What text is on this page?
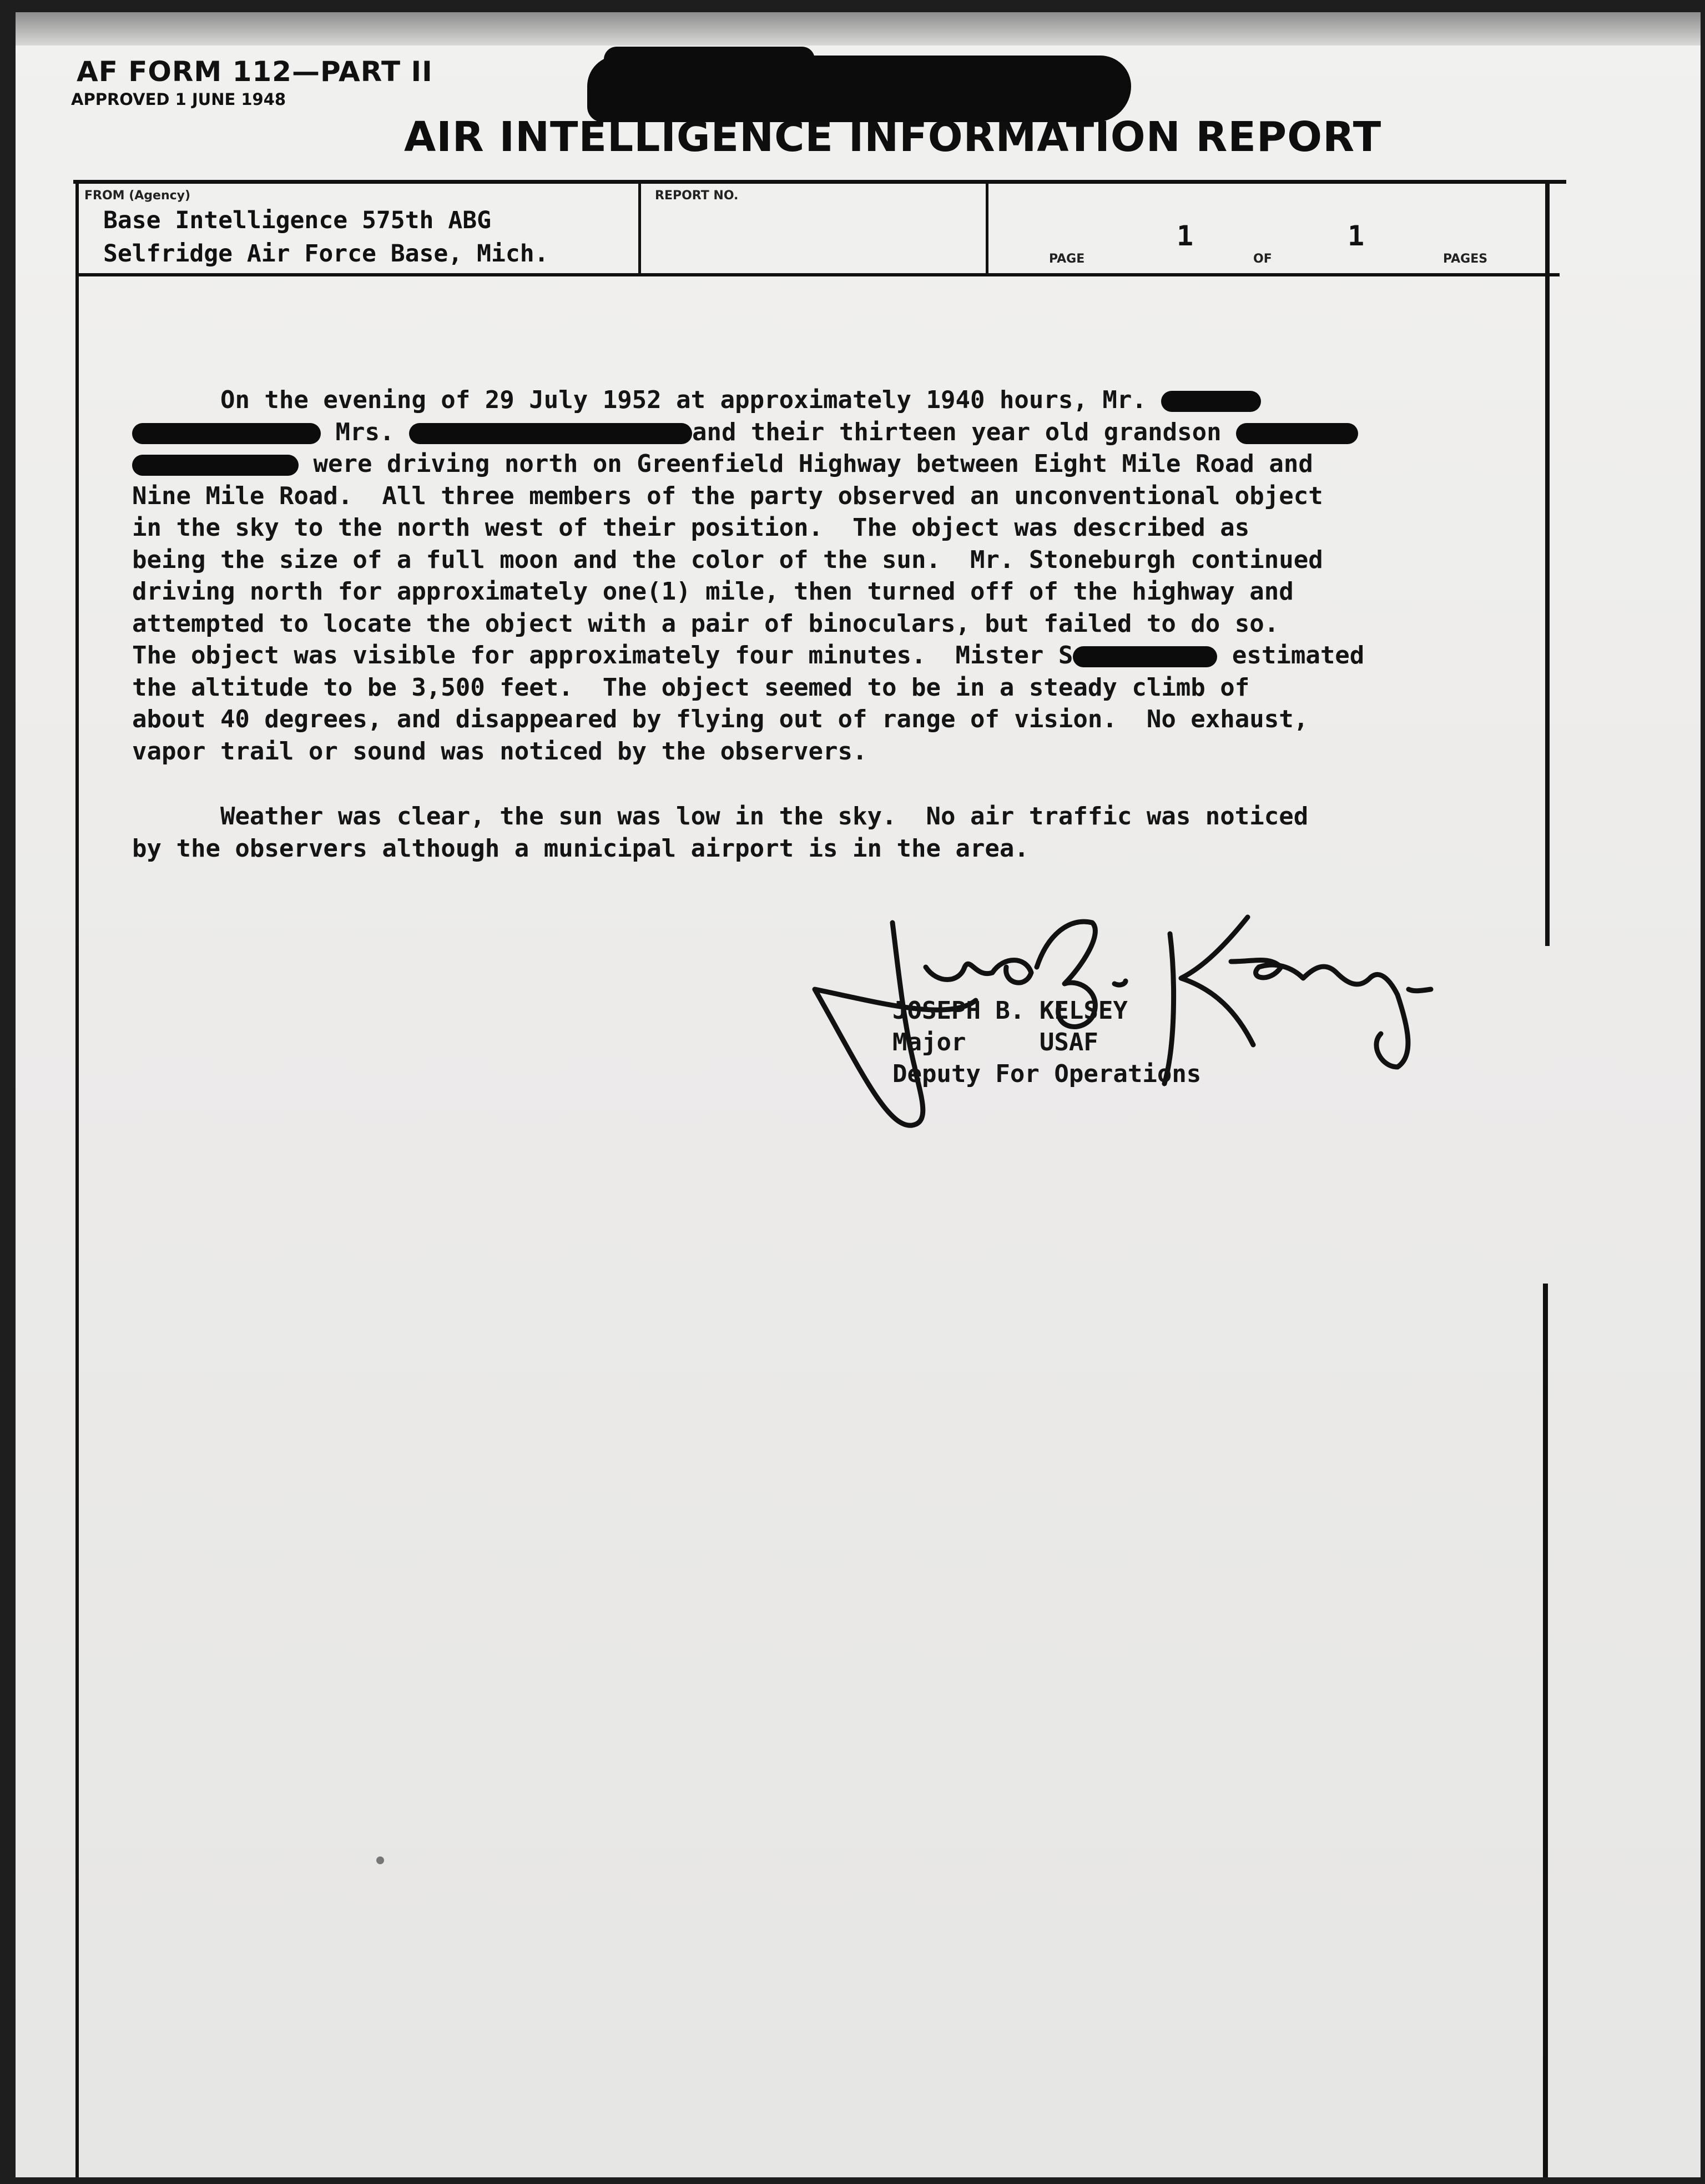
AF FORM 112—PART II
APPROVED 1 JUNE 1948
AIR INTELLIGENCE INFORMATION REPORT
FROM (Agency)
Base Intelligence 575th ABG
Selfridge Air Force Base, Mich.
REPORT NO.
PAGE
1
OF
1
PAGES

On the evening of 29 July 1952 at approximately 1940 hours, Mr.

Mrs.	and their thirteen year old grandson

were driving north on Greenfield Highway between Eight Mile Road and

Nine Mile Road.  All three members of the party observed an unconventional object

in the sky to the north west of their position.  The object was described as

being the size of a full moon and the color of the sun.  Mr. Stoneburgh continued

driving north for approximately one(1) mile, then turned off of the highway and

attempted to locate the object with a pair of binoculars, but failed to do so.

The object was visible for approximately four minutes.  Mister S	estimated

the altitude to be 3,500 feet.  The object seemed to be in a steady climb of

about 40 degrees, and disappeared by flying out of range of vision.  No exhaust,

vapor trail or sound was noticed by the observers.

Weather was clear, the sun was low in the sky.  No air traffic was noticed

by the observers although a municipal airport is in the area.

JOSEPH B. KELSEY
Major	USAF
Deputy For Operations
